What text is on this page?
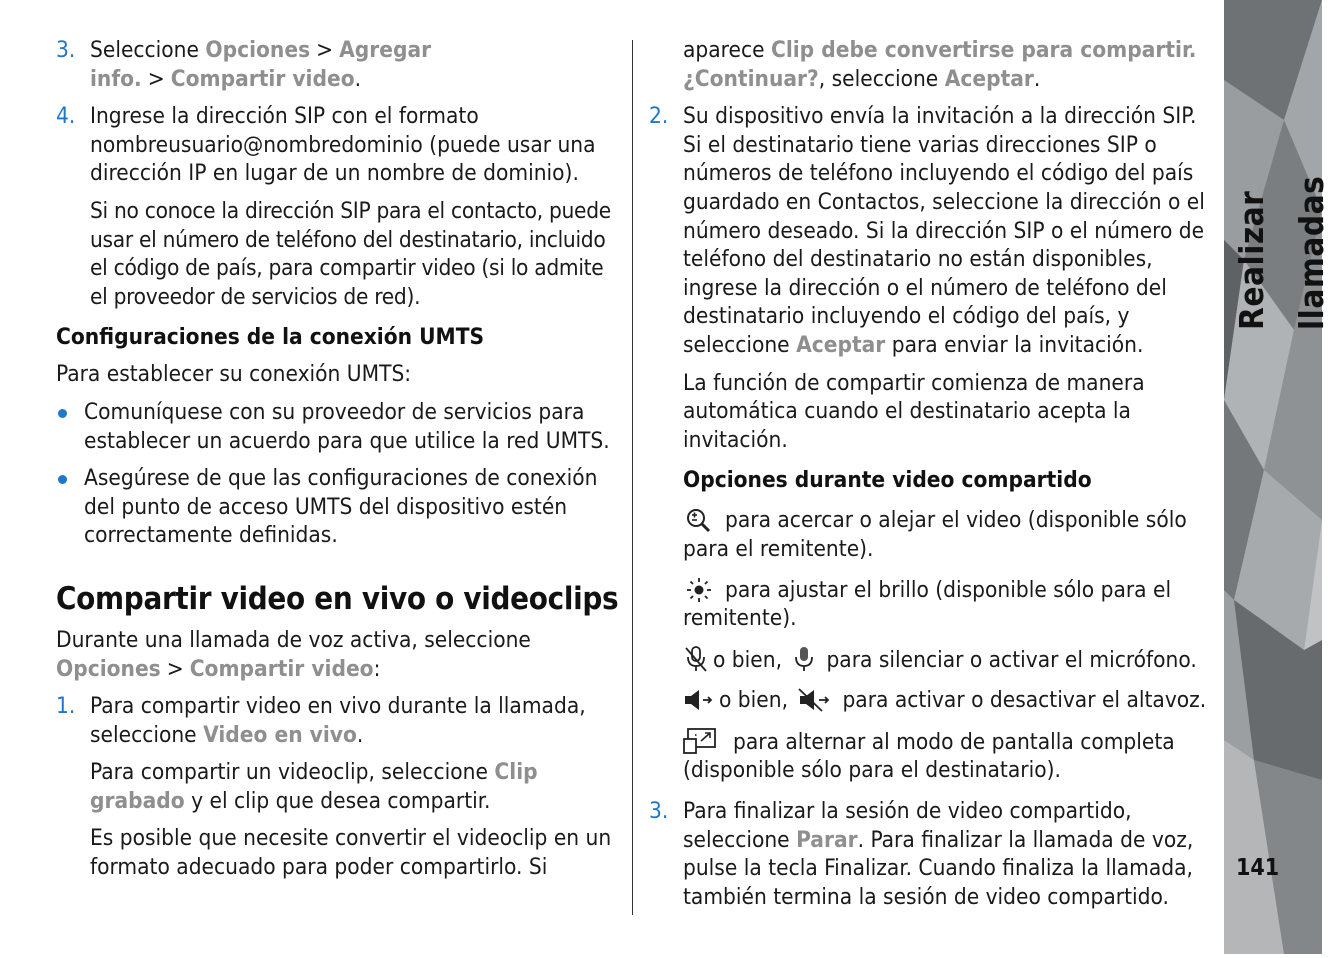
Realizar llamadas
141

3. Seleccione Opciones > Agregar info. > Compartir video.

4. Ingrese la dirección SIP con el formato nombreusuario@nombredominio (puede usar una dirección IP en lugar de un nombre de dominio).

Si no conoce la dirección SIP para el contacto, puede usar el número de teléfono del destinatario, incluido el código de país, para compartir video (si lo admite el proveedor de servicios de red).

Configuraciones de la conexión UMTS

Para establecer su conexión UMTS:

Comuníquese con su proveedor de servicios para establecer un acuerdo para que utilice la red UMTS.

Asegúrese de que las configuraciones de conexión del punto de acceso UMTS del dispositivo estén correctamente definidas.

Compartir video en vivo o videoclips

Durante una llamada de voz activa, seleccione
Opciones > Compartir video:

1. Para compartir video en vivo durante la llamada, seleccione Video en vivo.

Para compartir un videoclip, seleccione Clip grabado y el clip que desea compartir.

Es posible que necesite convertir el videoclip en un formato adecuado para poder compartirlo. Si

aparece Clip debe convertirse para compartir. ¿Continuar?, seleccione Aceptar.

2. Su dispositivo envía la invitación a la dirección SIP. Si el destinatario tiene varias direcciones SIP o números de teléfono incluyendo el código del país guardado en Contactos, seleccione la dirección o el número deseado. Si la dirección SIP o el número de teléfono del destinatario no están disponibles, ingrese la dirección o el número de teléfono del destinatario incluyendo el código del país, y seleccione Aceptar para enviar la invitación.

La función de compartir comienza de manera automática cuando el destinatario acepta la invitación.

Opciones durante video compartido

para acercar o alejar el video (disponible sólo para el remitente).

para ajustar el brillo (disponible sólo para el remitente).

o bien, para silenciar o activar el micrófono.

o bien, para activar o desactivar el altavoz.

para alternar al modo de pantalla completa (disponible sólo para el destinatario).

3. Para finalizar la sesión de video compartido, seleccione Parar. Para finalizar la llamada de voz, pulse la tecla Finalizar. Cuando finaliza la llamada, también termina la sesión de video compartido.
